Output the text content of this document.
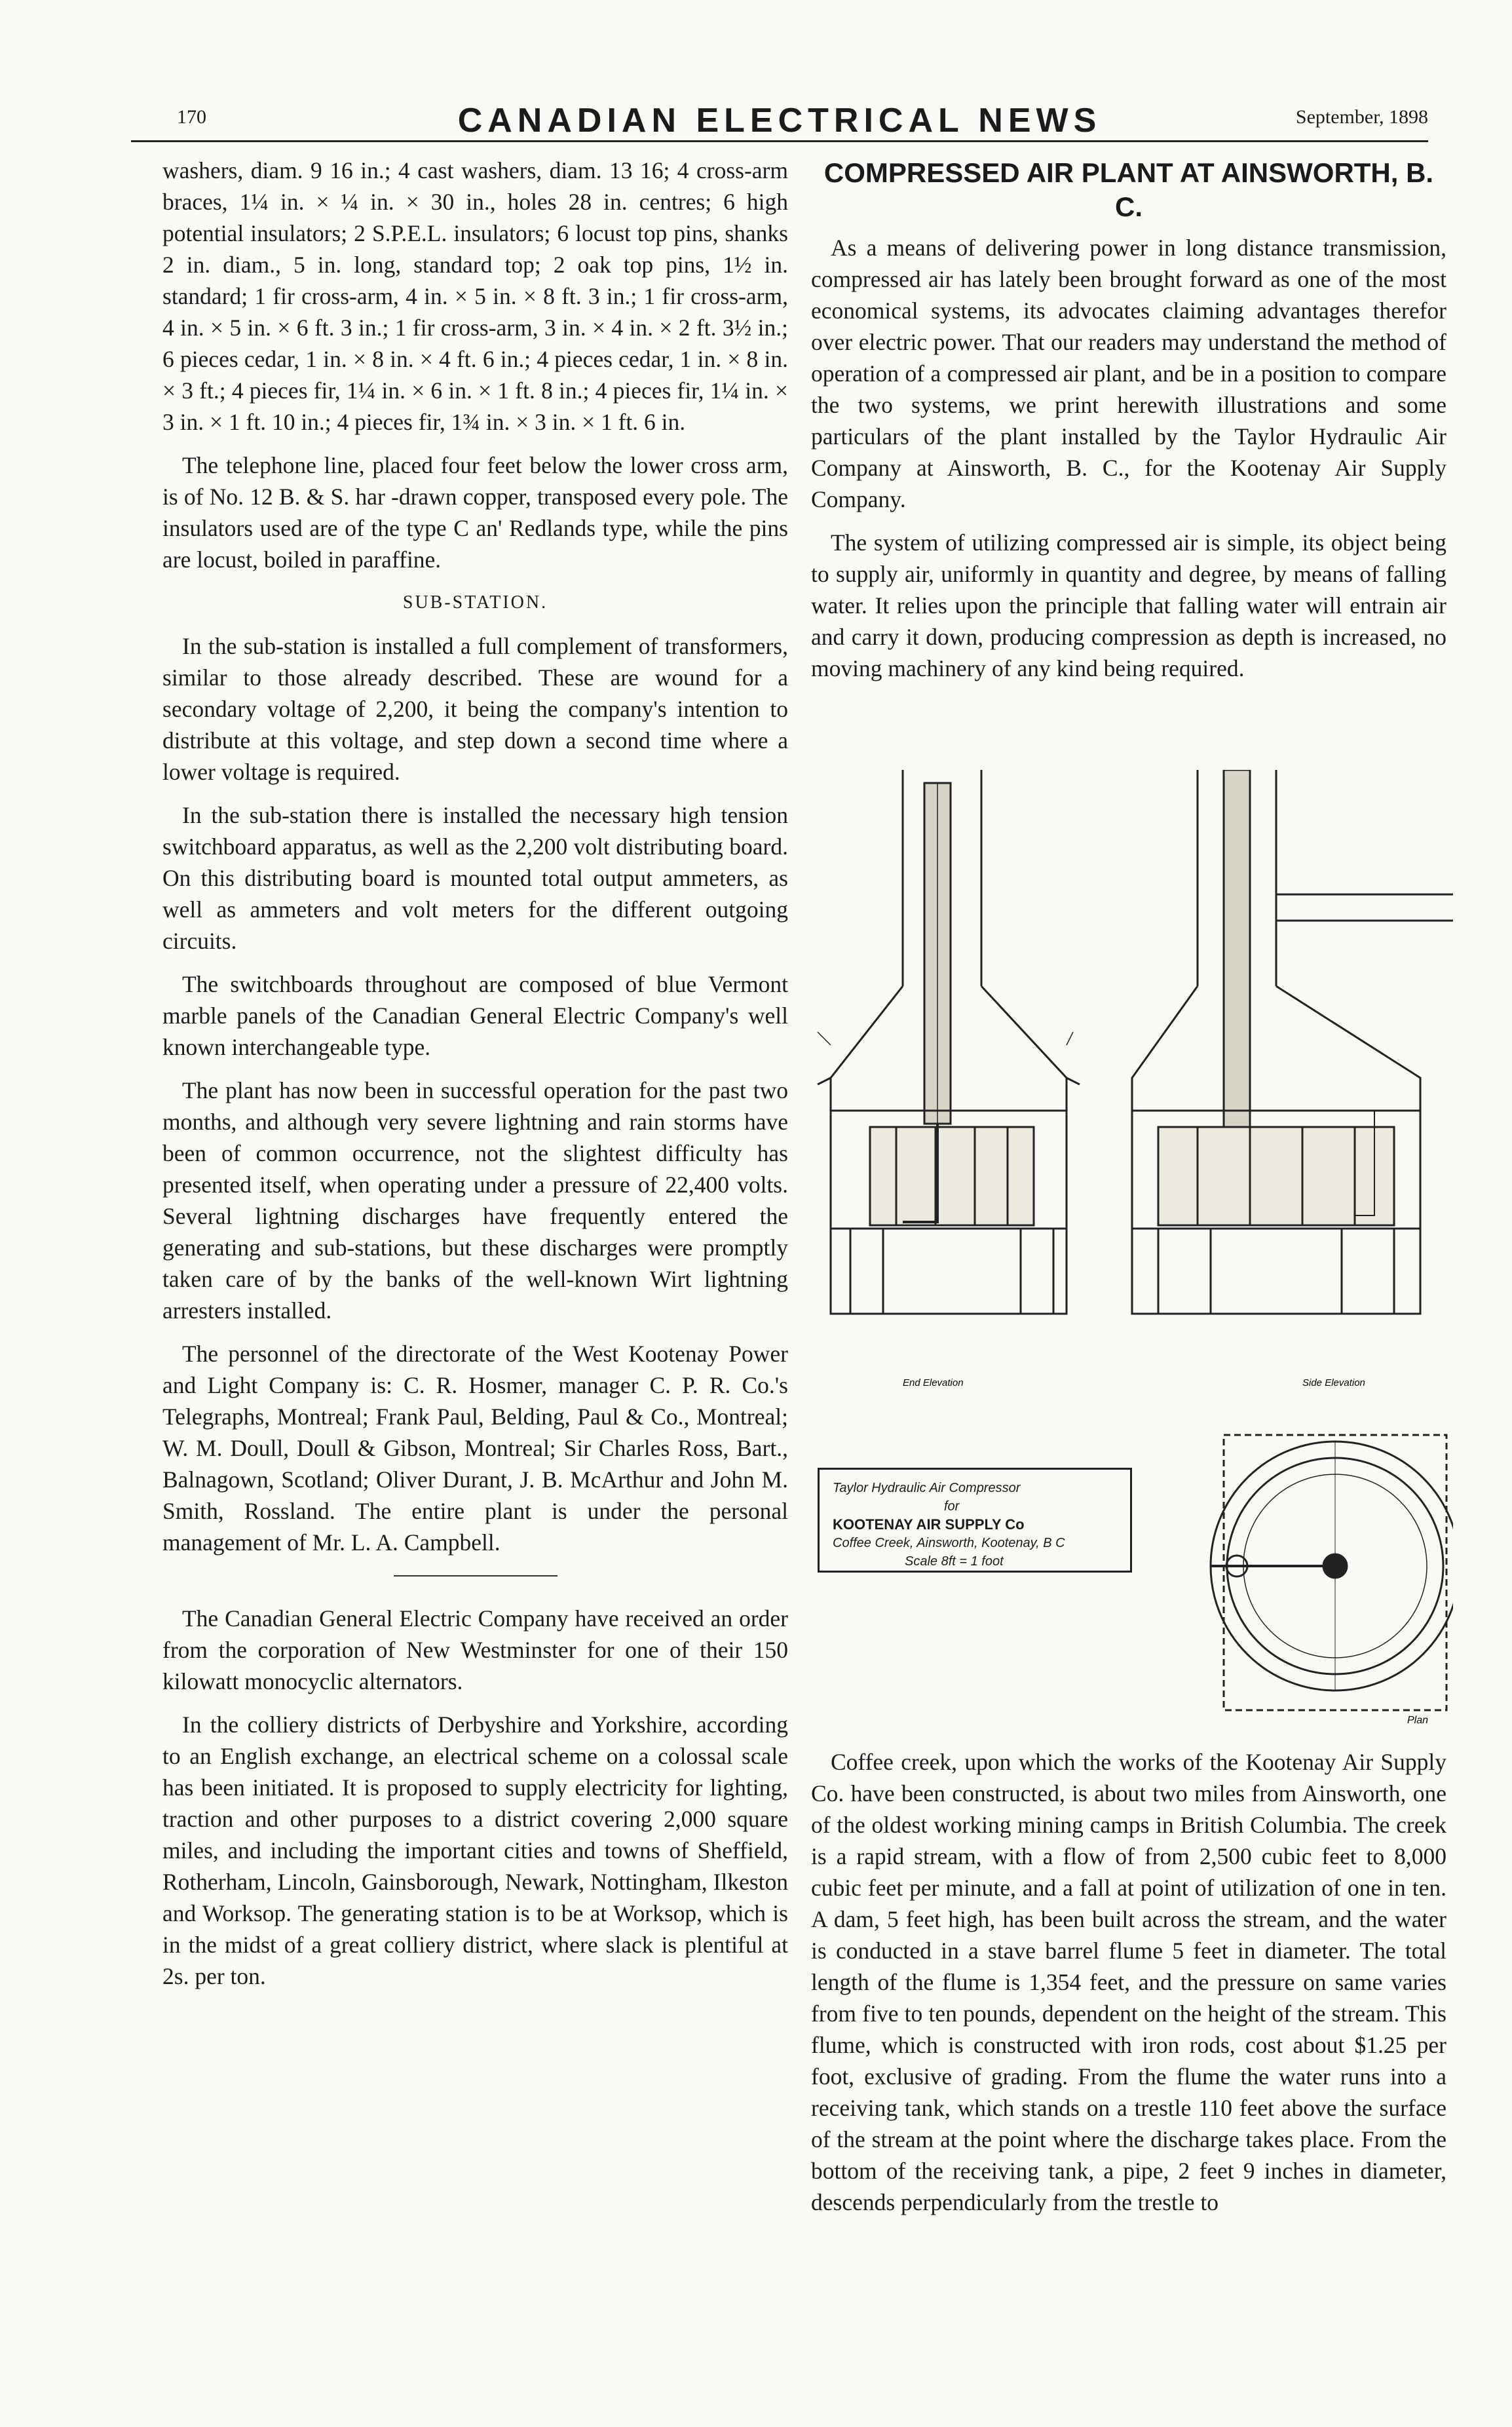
170	CANADIAN ELECTRICAL NEWS	September, 1898

washers, diam. 9 16 in.; 4 cast washers, diam. 13 16; 4 cross-arm braces, 1¼ in. × ¼ in. × 30 in., holes 28 in. centres; 6 high potential insulators; 2 S.P.E.L. insulators; 6 locust top pins, shanks 2 in. diam., 5 in. long, standard top; 2 oak top pins, 1½ in. standard; 1 fir cross-arm, 4 in. × 5 in. × 8 ft. 3 in.; 1 fir cross-arm, 4 in. × 5 in. × 6 ft. 3 in.; 1 fir cross-arm, 3 in. × 4 in. × 2 ft. 3½ in.; 6 pieces cedar, 1 in. × 8 in. × 4 ft. 6 in.; 4 pieces cedar, 1 in. × 8 in. × 3 ft.; 4 pieces fir, 1¼ in. × 6 in. × 1 ft. 8 in.; 4 pieces fir, 1¼ in. × 3 in. × 1 ft. 10 in.; 4 pieces fir, 1¾ in. × 3 in. × 1 ft. 6 in.

The telephone line, placed four feet below the lower cross arm, is of No. 12 B. & S. har -drawn copper, transposed every pole. The insulators used are of the type C an' Redlands type, while the pins are locust, boiled in paraffine.

SUB-STATION.

In the sub-station is installed a full complement of transformers, similar to those already described. These are wound for a secondary voltage of 2,200, it being the company's intention to distribute at this voltage, and step down a second time where a lower voltage is required.

In the sub-station there is installed the necessary high tension switchboard apparatus, as well as the 2,200 volt distributing board. On this distributing board is mounted total output ammeters, as well as ammeters and volt meters for the different outgoing circuits.

The switchboards throughout are composed of blue Vermont marble panels of the Canadian General Electric Company's well known interchangeable type.

The plant has now been in successful operation for the past two months, and although very severe lightning and rain storms have been of common occurrence, not the slightest difficulty has presented itself, when operating under a pressure of 22,400 volts. Several lightning discharges have frequently entered the generating and sub-stations, but these discharges were promptly taken care of by the banks of the well-known Wirt lightning arresters installed.

The personnel of the directorate of the West Kootenay Power and Light Company is: C. R. Hosmer, manager C. P. R. Co.'s Telegraphs, Montreal; Frank Paul, Belding, Paul & Co., Montreal; W. M. Doull, Doull & Gibson, Montreal; Sir Charles Ross, Bart., Balnagown, Scotland; Oliver Durant, J. B. McArthur and John M. Smith, Rossland. The entire plant is under the personal management of Mr. L. A. Campbell.

The Canadian General Electric Company have received an order from the corporation of New Westminster for one of their 150 kilowatt monocyclic alternators.

In the colliery districts of Derbyshire and Yorkshire, according to an English exchange, an electrical scheme on a colossal scale has been initiated. It is proposed to supply electricity for lighting, traction and other purposes to a district covering 2,000 square miles, and including the important cities and towns of Sheffield, Rotherham, Lincoln, Gainsborough, Newark, Nottingham, Ilkeston and Worksop. The generating station is to be at Worksop, which is in the midst of a great colliery district, where slack is plentiful at 2s. per ton.

COMPRESSED AIR PLANT AT AINSWORTH, B. C.

As a means of delivering power in long distance transmission, compressed air has lately been brought forward as one of the most economical systems, its advocates claiming advantages therefor over electric power. That our readers may understand the method of operation of a compressed air plant, and be in a position to compare the two systems, we print herewith illustrations and some particulars of the plant installed by the Taylor Hydraulic Air Company at Ainsworth, B. C., for the Kootenay Air Supply Company.

The system of utilizing compressed air is simple, its object being to supply air, uniformly in quantity and degree, by means of falling water. It relies upon the principle that falling water will entrain air and carry it down, producing compression as depth is increased, no moving machinery of any kind being required.

End Elevation	Side Elevation
Plan
Taylor Hydraulic Air Compressor
for
KOOTENAY AIR SUPPLY Co
Coffee Creek, Ainsworth, Kootenay, B C
Scale 8ft = 1 foot

Coffee creek, upon which the works of the Kootenay Air Supply Co. have been constructed, is about two miles from Ainsworth, one of the oldest working mining camps in British Columbia. The creek is a rapid stream, with a flow of from 2,500 cubic feet to 8,000 cubic feet per minute, and a fall at point of utilization of one in ten. A dam, 5 feet high, has been built across the stream, and the water is conducted in a stave barrel flume 5 feet in diameter. The total length of the flume is 1,354 feet, and the pressure on same varies from five to ten pounds, dependent on the height of the stream. This flume, which is constructed with iron rods, cost about $1.25 per foot, exclusive of grading. From the flume the water runs into a receiving tank, which stands on a trestle 110 feet above the surface of the stream at the point where the discharge takes place. From the bottom of the receiving tank, a pipe, 2 feet 9 inches in diameter, descends perpendicularly from the trestle to
